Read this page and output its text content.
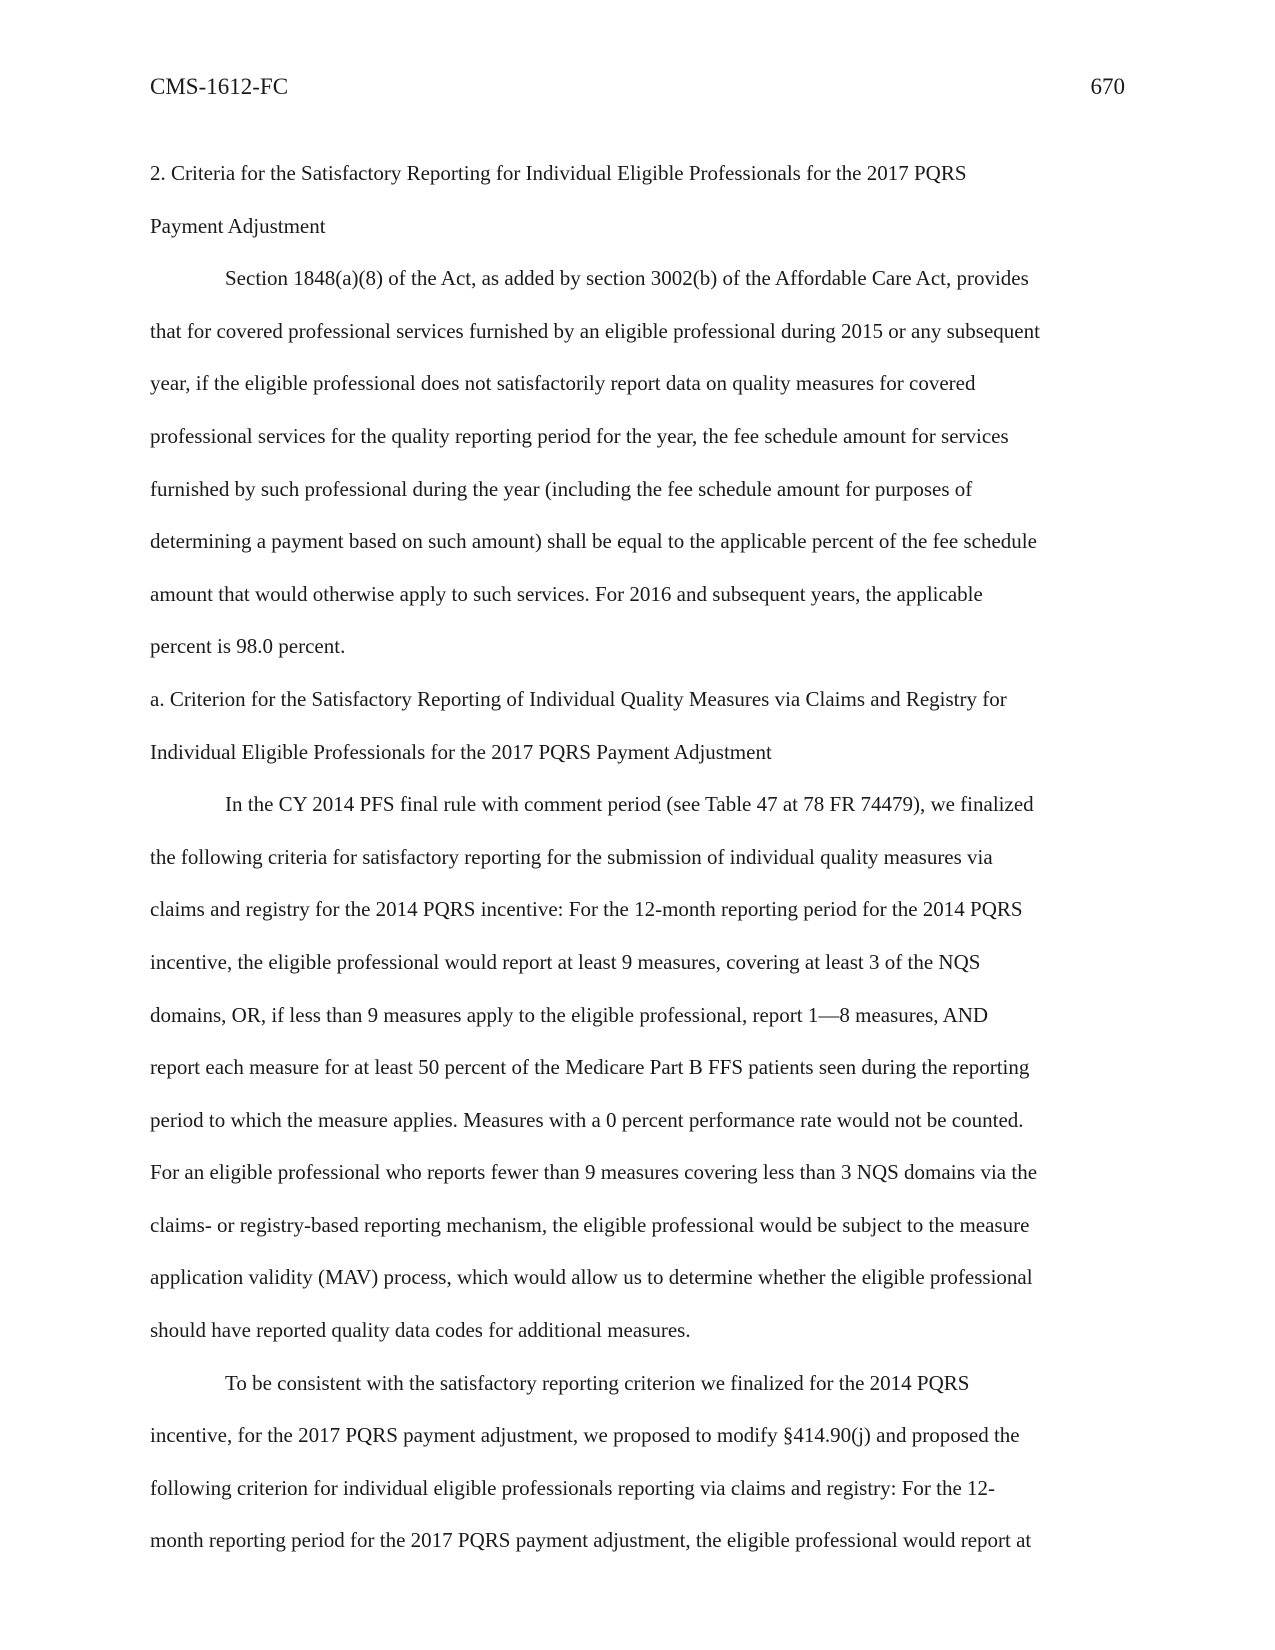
CMS-1612-FC	670
2. Criteria for the Satisfactory Reporting for Individual Eligible Professionals for the 2017 PQRS
Payment Adjustment
Section 1848(a)(8) of the Act, as added by section 3002(b) of the Affordable Care Act, provides
that for covered professional services furnished by an eligible professional during 2015 or any subsequent
year, if the eligible professional does not satisfactorily report data on quality measures for covered
professional services for the quality reporting period for the year, the fee schedule amount for services
furnished by such professional during the year (including the fee schedule amount for purposes of
determining a payment based on such amount) shall be equal to the applicable percent of the fee schedule
amount that would otherwise apply to such services. For 2016 and subsequent years, the applicable
percent is 98.0 percent.
a. Criterion for the Satisfactory Reporting of Individual Quality Measures via Claims and Registry for
Individual Eligible Professionals for the 2017 PQRS Payment Adjustment
In the CY 2014 PFS final rule with comment period (see Table 47 at 78 FR 74479), we finalized
the following criteria for satisfactory reporting for the submission of individual quality measures via
claims and registry for the 2014 PQRS incentive: For the 12-month reporting period for the 2014 PQRS
incentive, the eligible professional would report at least 9 measures, covering at least 3 of the NQS
domains, OR, if less than 9 measures apply to the eligible professional, report 1—8 measures, AND
report each measure for at least 50 percent of the Medicare Part B FFS patients seen during the reporting
period to which the measure applies. Measures with a 0 percent performance rate would not be counted.
For an eligible professional who reports fewer than 9 measures covering less than 3 NQS domains via the
claims- or registry-based reporting mechanism, the eligible professional would be subject to the measure
application validity (MAV) process, which would allow us to determine whether the eligible professional
should have reported quality data codes for additional measures.
To be consistent with the satisfactory reporting criterion we finalized for the 2014 PQRS
incentive, for the 2017 PQRS payment adjustment, we proposed to modify §414.90(j) and proposed the
following criterion for individual eligible professionals reporting via claims and registry: For the 12-
month reporting period for the 2017 PQRS payment adjustment, the eligible professional would report at
